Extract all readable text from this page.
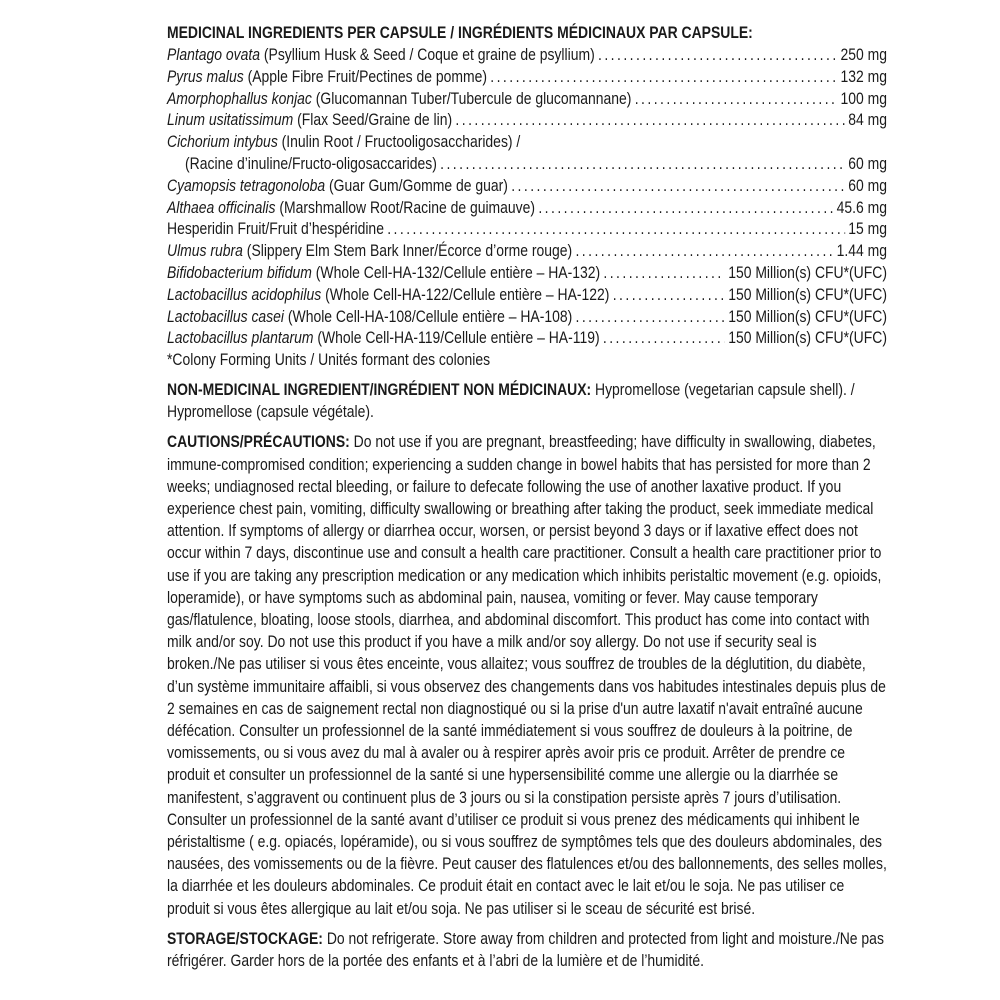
MEDICINAL INGREDIENTS PER CAPSULE / INGRÉDIENTS MÉDICINAUX PAR CAPSULE:

Plantago ovata (Psyllium Husk & Seed / Coque et graine de psyllium) .....	250 mg
Pyrus malus (Apple Fibre Fruit/Pectines de pomme) .....	132 mg
Amorphophallus konjac (Glucomannan Tuber/Tubercule de glucomannane) .....	100 mg
Linum usitatissimum (Flax Seed/Graine de lin) .....	84 mg
Cichorium intybus (Inulin Root / Fructooligosaccharides) /
(Racine d’inuline/Fructo-oligosaccarides) .....	60 mg
Cyamopsis tetragonoloba (Guar Gum/Gomme de guar) .....	60 mg
Althaea officinalis (Marshmallow Root/Racine de guimauve) .....	45.6 mg
Hesperidin Fruit/Fruit d’hespéridine .....	15 mg
Ulmus rubra (Slippery Elm Stem Bark Inner/Écorce d’orme rouge) .....	1.44 mg
Bifidobacterium bifidum (Whole Cell-HA-132/Cellule entière – HA-132) .....	150 Million(s) CFU*(UFC)
Lactobacillus acidophilus (Whole Cell-HA-122/Cellule entière – HA-122) .....	150 Million(s) CFU*(UFC)
Lactobacillus casei (Whole Cell-HA-108/Cellule entière – HA-108) .....	150 Million(s) CFU*(UFC)
Lactobacillus plantarum (Whole Cell-HA-119/Cellule entière – HA-119) .....	150 Million(s) CFU*(UFC)

*Colony Forming Units / Unités formant des colonies

NON-MEDICINAL INGREDIENT/INGRÉDIENT NON MÉDICINAUX: Hypromellose (vegetarian capsule shell). / Hypromellose (capsule végétale).

CAUTIONS/PRÉCAUTIONS: Do not use if you are pregnant, breastfeeding; have difficulty in swallowing, diabetes, immune-compromised condition; experiencing a sudden change in bowel habits that has persisted for more than 2 weeks; undiagnosed rectal bleeding, or failure to defecate following the use of another laxative product. If you experience chest pain, vomiting, difficulty swallowing or breathing after taking the product, seek immediate medical attention. If symptoms of allergy or diarrhea occur, worsen, or persist beyond 3 days or if laxative effect does not occur within 7 days, discontinue use and consult a health care practitioner. Consult a health care practitioner prior to use if you are taking any prescription medication or any medication which inhibits peristaltic movement (e.g. opioids, loperamide), or have symptoms such as abdominal pain, nausea, vomiting or fever. May cause temporary gas/flatulence, bloating, loose stools, diarrhea, and abdominal discomfort. This product has come into contact with milk and/or soy. Do not use this product if you have a milk and/or soy allergy. Do not use if security seal is broken./Ne pas utiliser si vous êtes enceinte, vous allaitez; vous souffrez de troubles de la déglutition, du diabète, d’un système immunitaire affaibli, si vous observez des changements dans vos habitudes intestinales depuis plus de 2 semaines en cas de saignement rectal non diagnostiqué ou si la prise d'un autre laxatif n'avait entraîné aucune défécation. Consulter un professionnel de la santé immédiatement si vous souffrez de douleurs à la poitrine, de vomissements, ou si vous avez du mal à avaler ou à respirer après avoir pris ce produit. Arrêter de prendre ce produit et consulter un professionnel de la santé si une hypersensibilité comme une allergie ou la diarrhée se manifestent, s’aggravent ou continuent plus de 3 jours ou si la constipation persiste après 7 jours d’utilisation. Consulter un professionnel de la santé avant d’utiliser ce produit si vous prenez des médicaments qui inhibent le péristaltisme ( e.g. opiacés, lopéramide), ou si vous souffrez de symptômes tels que des douleurs abdominales, des nausées, des vomissements ou de la fièvre. Peut causer des flatulences et/ou des ballonnements, des selles molles, la diarrhée et les douleurs abdominales. Ce produit était en contact avec le lait et/ou le soja. Ne pas utiliser ce produit si vous êtes allergique au lait et/ou soja. Ne pas utiliser si le sceau de sécurité est brisé.

STORAGE/STOCKAGE: Do not refrigerate. Store away from children and protected from light and moisture./Ne pas réfrigérer. Garder hors de la portée des enfants et à l’abri de la lumière et de l’humidité.
